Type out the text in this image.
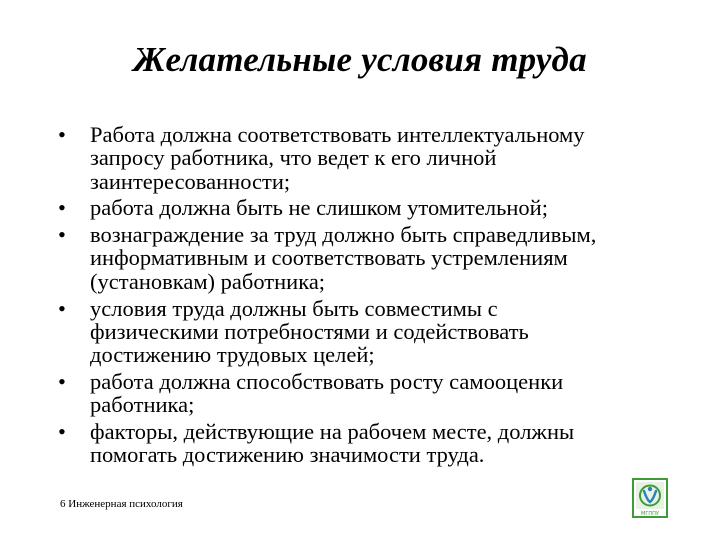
Желательные условия труда
•	Работа должна соответствовать интеллектуальному
запросу работника, что ведет к его личной
заинтересованности;
•	работа должна быть не слишком утомительной;
•	вознаграждение за труд должно быть справедливым,
информативным и соответствовать устремлениям
(установкам) работника;
•	условия труда должны быть совместимы с
физическими потребностями и содействовать
достижению трудовых целей;
•	работа должна способствовать росту самооценки
работника;
•	факторы, действующие на рабочем месте, должны
помогать достижению значимости труда.
6 Инженерная психология
МГППУ
